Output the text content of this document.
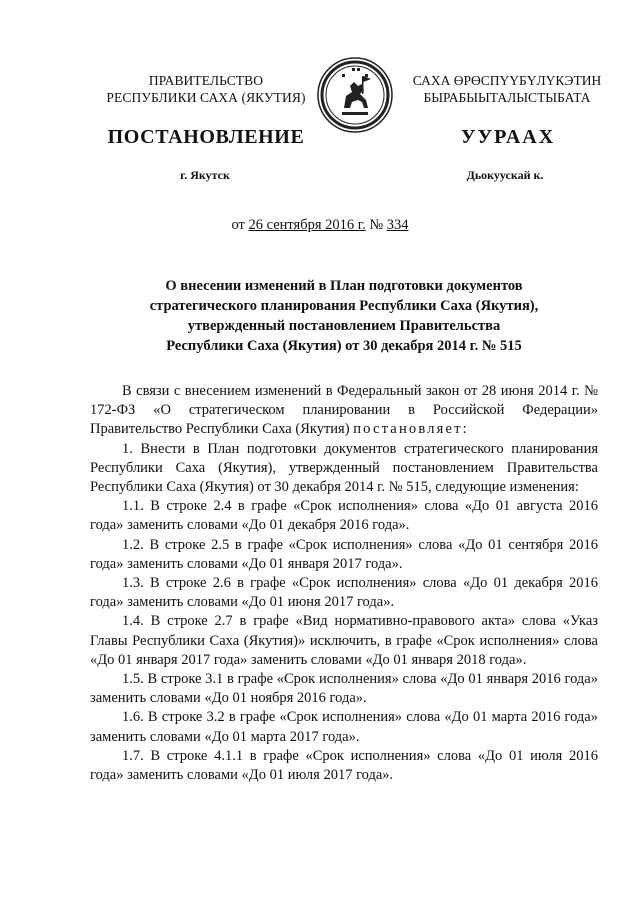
ПРАВИТЕЛЬСТВО
РЕСПУБЛИКИ САХА (ЯКУТИЯ)
САХА ӨРӨСПҮҮБҮЛҮКЭТИН
БЫРАБЫЫТАЛЫСТЫБАТА
ПОСТАНОВЛЕНИЕ	УУРААХ
г. Якутск	Дьокуускай к.
от 26 сентября 2016 г. № 334
О внесении изменений в План подготовки документов
стратегического планирования Республики Саха (Якутия),
утвержденный постановлением Правительства
Республики Саха (Якутия) от 30 декабря 2014 г. № 515

В связи с внесением изменений в Федеральный закон от 28 июня 2014 г. № 172-ФЗ «О стратегическом планировании в Российской Федерации» Правительство Республики Саха (Якутия) постановляет:

1. Внести в План подготовки документов стратегического планирования Республики Саха (Якутия), утвержденный постановлением Правительства Республики Саха (Якутия) от 30 декабря 2014 г. № 515, следующие изменения:

1.1. В строке 2.4 в графе «Срок исполнения» слова «До 01 августа 2016 года» заменить словами «До 01 декабря 2016 года».

1.2. В строке 2.5 в графе «Срок исполнения» слова «До 01 сентября 2016 года» заменить словами «До 01 января 2017 года».

1.3. В строке 2.6 в графе «Срок исполнения» слова «До 01 декабря 2016 года» заменить словами «До 01 июня 2017 года».

1.4. В строке 2.7 в графе «Вид нормативно-правового акта» слова «Указ Главы Республики Саха (Якутия)» исключить, в графе «Срок исполнения» слова «До 01 января 2017 года» заменить словами «До 01 января 2018 года».

1.5. В строке 3.1 в графе «Срок исполнения» слова «До 01 января 2016 года» заменить словами «До 01 ноября 2016 года».

1.6. В строке 3.2 в графе «Срок исполнения» слова «До 01 марта 2016 года» заменить словами «До 01 марта 2017 года».

1.7. В строке 4.1.1 в графе «Срок исполнения» слова «До 01 июля 2016 года» заменить словами «До 01 июля 2017 года».
